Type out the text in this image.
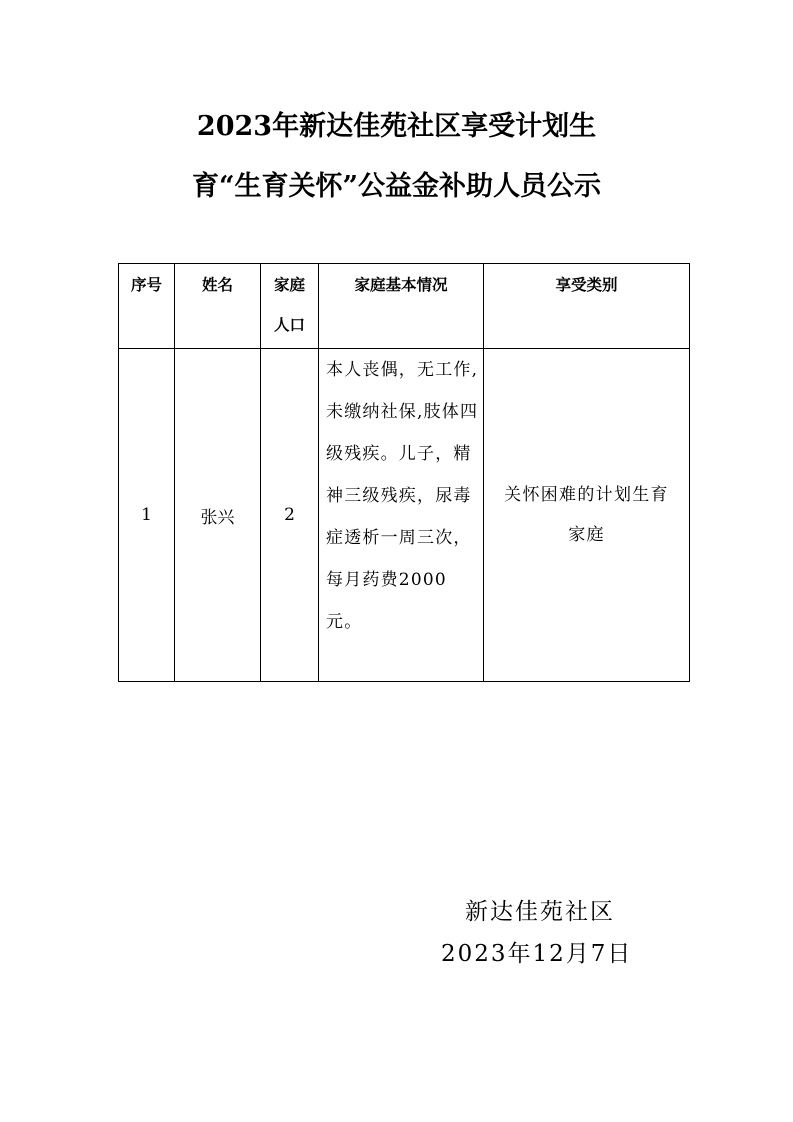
2023年新达佳苑社区享受计划生
育“生育关怀”公益金补助人员公示
序号	姓名	家庭人口	家庭基本情况	享受类别
1	张兴	2	本人丧偶，无工作,未缴纳社保,肢体四级残疾。儿子，精神三级残疾，尿毒症透析一周三次，每月药费2000元。	关怀困难的计划生育家庭
新达佳苑社区
2023年12月7日
